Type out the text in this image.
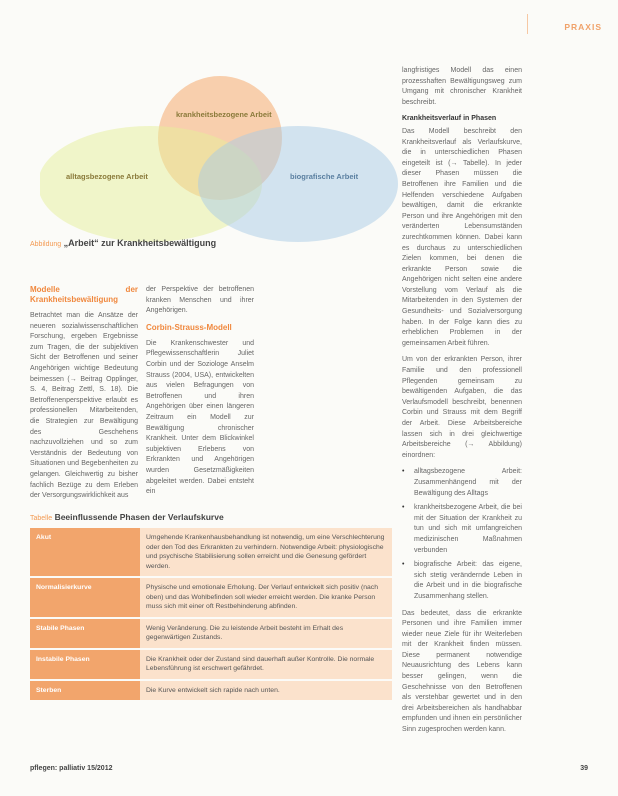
PRAXIS
krankheitsbezogene Arbeit
alltagsbezogene Arbeit	biografische Arbeit
Abbildung „Arbeit“ zur Krankheitsbewältigung
Modelle der Krankheitsbewältigung

Betrachtet man die Ansätze der neueren sozialwissenschaftlichen Forschung, ergeben Ergebnisse zum Tragen, die der subjektiven Sicht der Betroffenen und seiner Angehörigen wichtige Bedeutung beimessen (→ Beitrag Opplinger, S. 4, Beitrag Zettl, S. 18). Die Betroffenenperspektive erlaubt es professionellen Mitarbeitenden, die Strategien zur Bewältigung des Geschehens nachzuvollziehen und so zum Verständnis der Bedeutung von Situationen und Begebenheiten zu gelangen. Gleichwertig zu bisher fachlich Bezüge zu dem Erleben der Versorgungswirklichkeit aus

der Perspektive der betroffenen kranken Menschen und ihrer Angehörigen.

Corbin-Strauss-Modell

Die Krankenschwester und Pflegewissenschaftlerin Juliet Corbin und der Soziologe Anselm Strauss (2004, USA), entwickelten aus vielen Befragungen von Betroffenen und ihren Angehörigen über einen längeren Zeitraum ein Modell zur Bewältigung chronischer Krankheit. Unter dem Blickwinkel subjektiven Erlebens von Erkrankten und Angehörigen wurden Gesetzmäßigkeiten abgeleitet werden. Dabei entsteht ein

langfristiges Modell das einen prozesshaften Bewältigungsweg zum Umgang mit chronischer Krankheit beschreibt.

Krankheitsverlauf in Phasen

Das Modell beschreibt den Krankheitsverlauf als Verlaufskurve, die in unterschiedlichen Phasen eingeteilt ist (→ Tabelle). In jeder dieser Phasen müssen die Betroffenen ihre Familien und die Helfenden verschiedene Aufgaben bewältigen, damit die erkrankte Person und ihre Angehörigen mit den veränderten Lebensumständen zurechtkommen können. Dabei kann es durchaus zu unterschiedlichen Zielen kommen, bei denen die erkrankte Person sowie die Angehörigen nicht selten eine andere Vorstellung vom Verlauf als die Mitarbeitenden in den Systemen der Gesundheits- und Sozialversorgung haben. In der Folge kann dies zu erheblichen Problemen in der gemeinsamen Arbeit führen.

Um von der erkrankten Person, ihrer Familie und den professionell Pflegenden gemeinsam zu bewältigenden Aufgaben, die das Verlaufsmodell beschreibt, benennen Corbin und Strauss mit dem Begriff der Arbeit. Diese Arbeitsbereiche lassen sich in drei gleichwertige Arbeitsbereiche (→ Abbildung) einordnen:

• alltagsbezogene Arbeit: Zusammenhängend mit der Bewältigung des Alltags
• krankheitsbezogene Arbeit, die bei mit der Situation der Krankheit zu tun und sich mit umfangreichen medizinischen Maßnahmen verbunden
• biografische Arbeit: das eigene, sich stetig verändernde Leben in die Arbeit und in die biografische Zusammenhang stellen.

Das bedeutet, dass die erkrankte Personen und ihre Familien immer wieder neue Ziele für ihr Weiterleben mit der Krankheit finden müssen. Diese permanent notwendige Neuausrichtung des Lebens kann besser gelingen, wenn die Geschehnisse von den Betroffenen als verstehbar gewertet und in den drei Arbeitsbereichen als handhabbar empfunden und ihnen ein persönlicher Sinn zugesprochen werden kann.

Tabelle Beeinflussende Phasen der Verlaufskurve
Akut	Umgehende Krankenhausbehandlung ist notwendig, um eine Verschlechterung oder den Tod des Erkrankten zu verhindern. Notwendige Arbeit: physiologische und psychische Stabilisierung sollen erreicht und die Genesung gefördert werden.
Normalisierkurve	Physische und emotionale Erholung. Der Verlauf entwickelt sich positiv (nach oben) und das Wohlbefinden soll wieder erreicht werden. Die kranke Person muss sich mit einer oft Restbehinderung abfinden.
Stabile Phasen	Wenig Veränderung. Die zu leistende Arbeit besteht im Erhalt des gegenwärtigen Zustands.
Instabile Phasen	Die Krankheit oder der Zustand sind dauerhaft außer Kontrolle. Die normale Lebensführung ist erschwert gefährdet.
Sterben	Die Kurve entwickelt sich rapide nach unten.
pflegen: palliativ 15/2012	39
